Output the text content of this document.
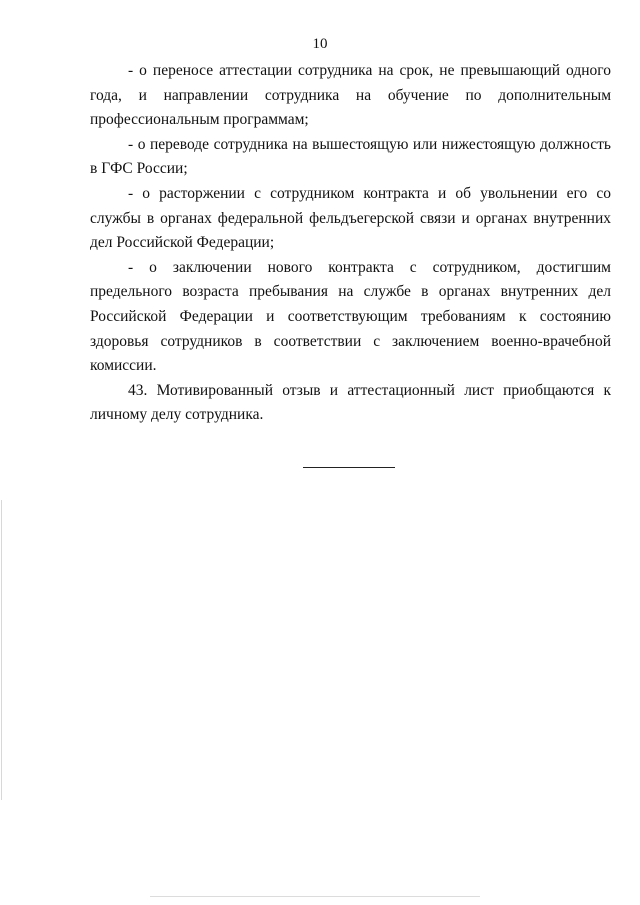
10

- о переносе аттестации сотрудника на срок, не превышающий одного года, и направлении сотрудника на обучение по дополнительным профессиональным программам;

- о переводе сотрудника на вышестоящую или нижестоящую должность в ГФС России;

- о расторжении с сотрудником контракта и об увольнении его со службы в органах федеральной фельдъегерской связи и органах внутренних дел Российской Федерации;

- о заключении нового контракта с сотрудником, достигшим предельного возраста пребывания на службе в органах внутренних дел Российской Федерации и соответствующим требованиям к состоянию здоровья сотрудников в соответствии с заключением военно-врачебной комиссии.

43. Мотивированный отзыв и аттестационный лист приобщаются к личному делу сотрудника.
